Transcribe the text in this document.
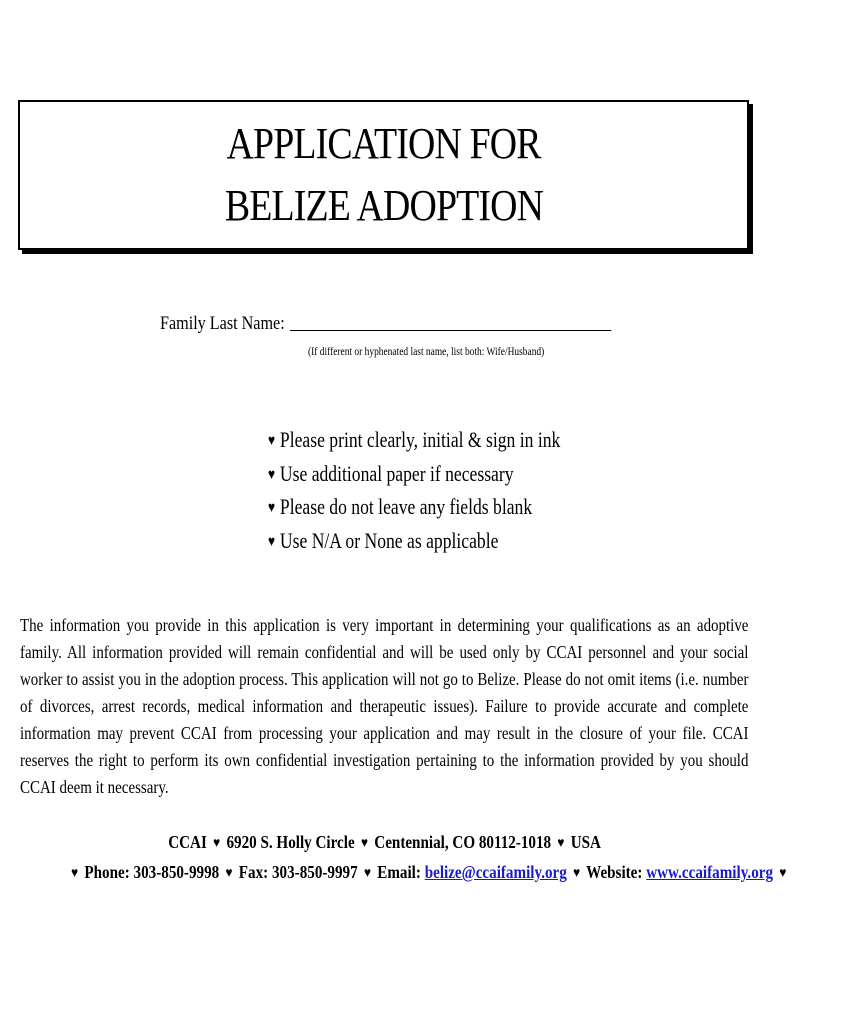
APPLICATION FOR
BELIZE ADOPTION
Family Last Name:
(If different or hyphenated last name, list both: Wife/Husband)
♥ Please print clearly, initial & sign in ink
♥ Use additional paper if necessary
♥ Please do not leave any fields blank
♥ Use N/A or None as applicable

The information you provide in this application is very important in determining your qualifications as an adoptive family. All information provided will remain confidential and will be used only by CCAI personnel and your social worker to assist you in the adoption process. This application will not go to Belize. Please do not omit items (i.e. number of divorces, arrest records, medical information and therapeutic issues). Failure to provide accurate and complete information may prevent CCAI from processing your application and may result in the closure of your file. CCAI reserves the right to perform its own confidential investigation pertaining to the information provided by you should CCAI deem it necessary.

CCAI ♥ 6920 S. Holly Circle ♥ Centennial, CO 80112-1018 ♥ USA
♥ Phone: 303-850-9998 ♥ Fax: 303-850-9997 ♥ Email: belize@ccaifamily.org ♥ Website: www.ccaifamily.org ♥
